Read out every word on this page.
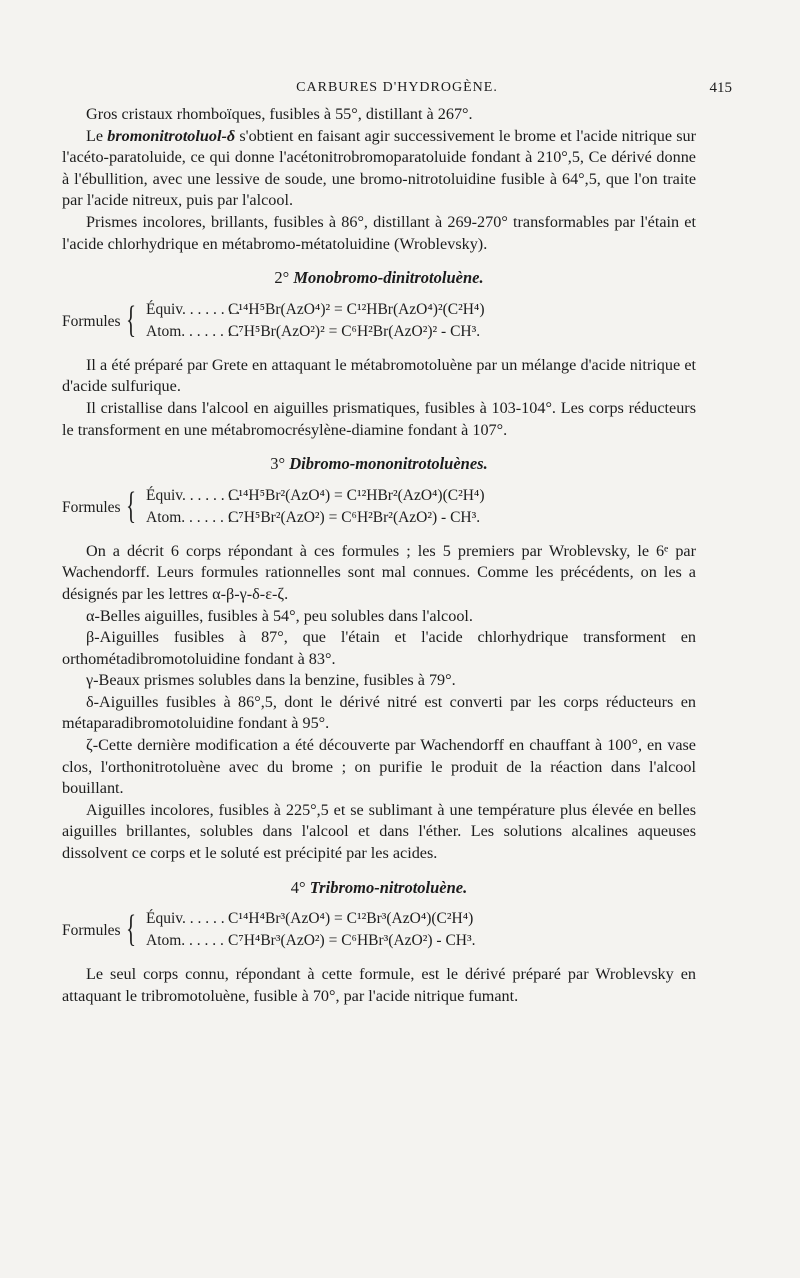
CARBURES D'HYDROGÈNE.	415

Gros cristaux rhomboïques, fusibles à 55°, distillant à 267°.

Le bromonitrotoluol-δ s'obtient en faisant agir successivement le brome et l'acide nitrique sur l'acéto-paratoluide, ce qui donne l'acétonitrobromoparatoluide fondant à 210°,5, Ce dérivé donne à l'ébullition, avec une lessive de soude, une bromo-nitrotoluidine fusible à 64°,5, que l'on traite par l'acide nitreux, puis par l'alcool.

Prismes incolores, brillants, fusibles à 86°, distillant à 269-270° transformables par l'étain et l'acide chlorhydrique en métabromo-métatoluidine (Wroblevsky).

2° Monobromo-dinitrotoluène.
Formules { Équiv. . . . . . . .
Atom. . . . . . . .
C¹⁴H⁵Br(AzO⁴)² = C¹²HBr(AzO⁴)²(C²H⁴)
C⁷H⁵Br(AzO²)² = C⁶H²Br(AzO²)² - CH³.

Il a été préparé par Grete en attaquant le métabromotoluène par un mélange d'acide nitrique et d'acide sulfurique.

Il cristallise dans l'alcool en aiguilles prismatiques, fusibles à 103-104°. Les corps réducteurs le transforment en une métabromocrésylène-diamine fondant à 107°.

3° Dibromo-mononitrotoluènes.
Formules { Équiv. . . . . . . .
Atom. . . . . . . .
C¹⁴H⁵Br²(AzO⁴) = C¹²HBr²(AzO⁴)(C²H⁴)
C⁷H⁵Br²(AzO²) = C⁶H²Br²(AzO²) - CH³.

On a décrit 6 corps répondant à ces formules ; les 5 premiers par Wroblevsky, le 6ᵉ par Wachendorff. Leurs formules rationnelles sont mal connues. Comme les précédents, on les a désignés par les lettres α-β-γ-δ-ε-ζ.

α-Belles aiguilles, fusibles à 54°, peu solubles dans l'alcool.

β-Aiguilles fusibles à 87°, que l'étain et l'acide chlorhydrique transforment en orthométadibromotoluidine fondant à 83°.

γ-Beaux prismes solubles dans la benzine, fusibles à 79°.

δ-Aiguilles fusibles à 86°,5, dont le dérivé nitré est converti par les corps réducteurs en métaparadibromotoluidine fondant à 95°.

ζ-Cette dernière modification a été découverte par Wachendorff en chauffant à 100°, en vase clos, l'orthonitrotoluène avec du brome ; on purifie le produit de la réaction dans l'alcool bouillant.

Aiguilles incolores, fusibles à 225°,5 et se sublimant à une température plus élevée en belles aiguilles brillantes, solubles dans l'alcool et dans l'éther. Les solutions alcalines aqueuses dissolvent ce corps et le soluté est précipité par les acides.

4° Tribromo-nitrotoluène.
Formules { Équiv. . . . . .
Atom. . . . . .
C¹⁴H⁴Br³(AzO⁴) = C¹²Br³(AzO⁴)(C²H⁴)
C⁷H⁴Br³(AzO²) = C⁶HBr³(AzO²) - CH³.

Le seul corps connu, répondant à cette formule, est le dérivé préparé par Wroblevsky en attaquant le tribromotoluène, fusible à 70°, par l'acide nitrique fumant.
